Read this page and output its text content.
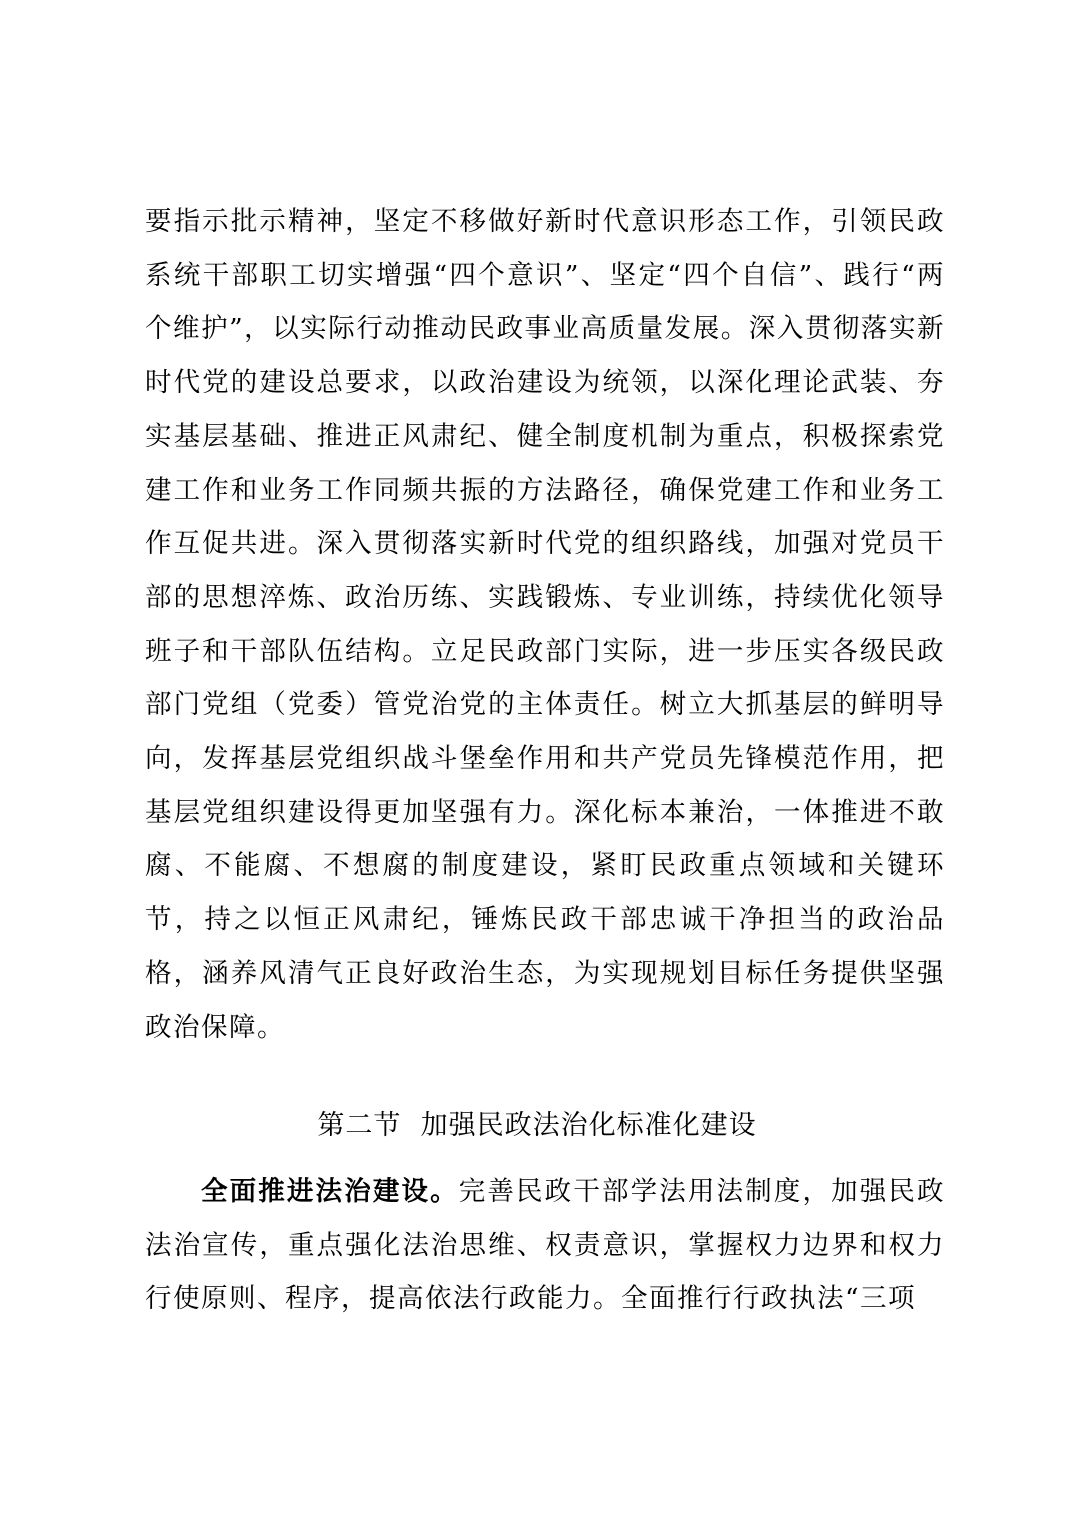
要指示批示精神，坚定不移做好新时代意识形态工作，引领民政系统干部职工切实增强“四个意识”、坚定“四个自信”、践行“两个维护”，以实际行动推动民政事业高质量发展。深入贯彻落实新时代党的建设总要求，以政治建设为统领，以深化理论武装、夯实基层基础、推进正风肃纪、健全制度机制为重点，积极探索党建工作和业务工作同频共振的方法路径，确保党建工作和业务工作互促共进。深入贯彻落实新时代党的组织路线，加强对党员干部的思想淬炼、政治历练、实践锻炼、专业训练，持续优化领导班子和干部队伍结构。立足民政部门实际，进一步压实各级民政部门党组（党委）管党治党的主体责任。树立大抓基层的鲜明导向，发挥基层党组织战斗堡垒作用和共产党员先锋模范作用，把基层党组织建设得更加坚强有力。深化标本兼治，一体推进不敢腐、不能腐、不想腐的制度建设，紧盯民政重点领域和关键环节，持之以恒正风肃纪，锤炼民政干部忠诚干净担当的政治品格，涵养风清气正良好政治生态，为实现规划目标任务提供坚强政治保障。

第二节  加强民政法治化标准化建设

全面推进法治建设。完善民政干部学法用法制度，加强民政法治宣传，重点强化法治思维、权责意识，掌握权力边界和权力行使原则、程序，提高依法行政能力。全面推行行政执法“三项
